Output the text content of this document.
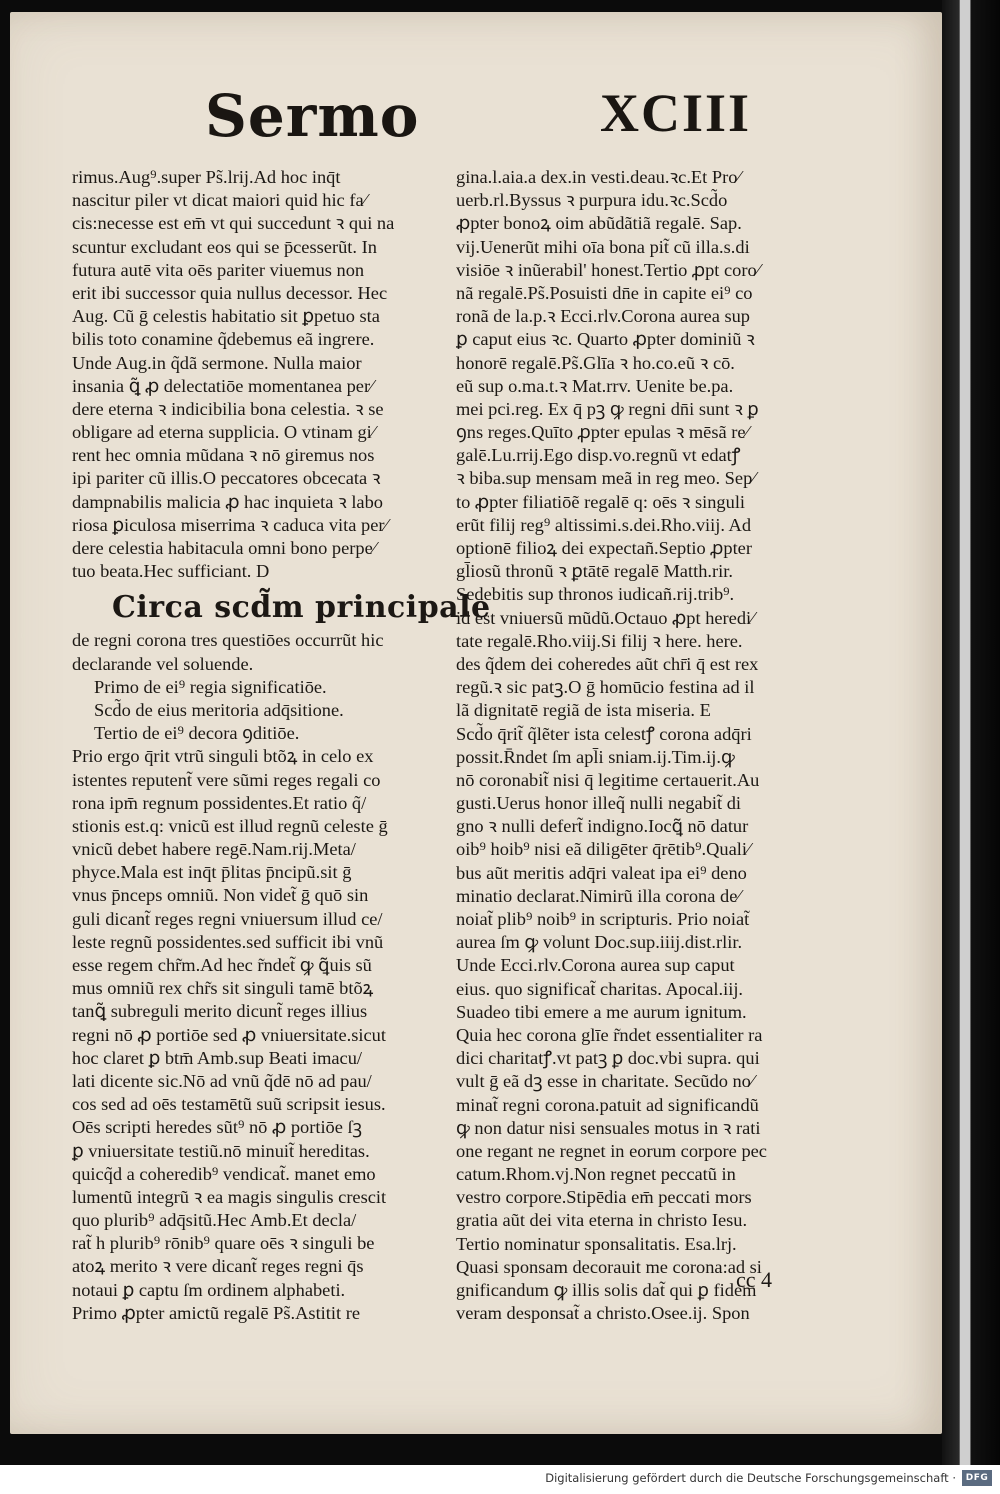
Sermo	XCIII
rimus.Aug⁹.super Ps̃.lrij.Ad hoc inq̄t
nascitur piler vt dicat maiori quid hic fa⁄
cis:necesse est em̄ vt qui succedunt ꝛ qui na
scuntur excludant eos qui se p̄cesserũt. In
futura autē vita oēs pariter viuemus non
erit ibi successor quia nullus decessor. Hec
Aug. Cũ ḡ celestis habitatio sit ꝑpetuo sta
bilis toto conamine q̃debemus eã ingrere.
Unde Aug.in q̃dã sermone. Nulla maior
insania ꝗ̃ ꝓ delectatiōe momentanea per⁄
dere eterna ꝛ indicibilia bona celestia. ꝛ se
obligare ad eterna supplicia. O vtinam gi⁄
rent hec omnia mũdana ꝛ nō giremus nos
ipi pariter cũ illis.O peccatores obcecata ꝛ
dampnabilis malicia ꝓ hac inquieta ꝛ labo
riosa ꝑiculosa miserrima ꝛ caduca vita per⁄
dere celestia habitacula omni bono perpe⁄
tuo beata.Hec sufficiant. D
Circa scd̃m principale
de regni corona tres questiōes occurrũt hic
declarande vel soluende.
Primo de ei⁹ regia significatiōe.
Scd̃o de eius meritoria adq̄sitione.
Tertio de ei⁹ decora ꝯditiōe.
Prio ergo q̄rit vtrũ singuli btõꝝ in celo ex
istentes reputent̃ vere sũmi reges regali co
rona ipm̄ regnum possidentes.Et ratio q̃/
stionis est.q: vnicũ est illud regnũ celeste ḡ
vnicũ debet habere regē.Nam.rij.Meta/
phyce.Mala est inq̄t p̄litas p̄ncipũ.sit ḡ
vnus p̄nceps omniũ. Non videt̃ ḡ quō sin
guli dicant̃ reges regni vniuersum illud ce/
leste regnũ possidentes.sed sufficit ibi vnũ
esse regem chr̃m.Ad hec r̃ndet̃ ꝙ ꝗ̃uis sũ
mus omniũ rex chr̃s sit singuli tamē btõꝝ
tanꝗ̃ subreguli merito dicunt̃ reges illius
regni nō ꝓ portiōe sed ꝓ vniuersitate.sicut
hoc claret ꝑ btm̄ Amb.sup Beati imacu/
lati dicente sic.Nō ad vnũ q̃dē nō ad pau/
cos sed ad oēs testamētũ suũ scripsit iesus.
Oēs scripti heredes sũt⁹ nō ꝓ portiōe ſꝫ
ꝑ vniuersitate testiũ.nō minuit̃ hereditas.
quicq̃d a coheredib⁹ vendicat̃. manet emo
lumentũ integrũ ꝛ ea magis singulis crescit
quo plurib⁹ adq̄sitũ.Hec Amb.Et decla/
rat̃ h plurib⁹ rōnib⁹ quare oēs ꝛ singuli be
atoꝝ merito ꝛ vere dicant̃ reges regni q̄s
notaui ꝑ captu ſm ordinem alphabeti.
Primo ꝓpter amictũ regalē Ps̃.Astitit re
gina.l.aia.a dex.in vesti.deau.ꝛc.Et Pro⁄
uerb.rl.Byssus ꝛ purpura idu.ꝛc.Scd̃o
ꝓpter bonoꝝ oim abũdãtiã regalē. Sap.
vij.Uenerũt mihi oīa bona pit̃ cũ illa.s.di
visiōe ꝛ inũerabil' honest.Tertio ꝓpt coro⁄
nã regalē.Ps̃.Posuisti dn̄e in capite ei⁹ co
ronã de la.p.ꝛ Ecci.rlv.Corona aurea sup
ꝑ caput eius ꝛc. Quarto ꝓpter dominiũ ꝛ
honorē regalē.Ps̃.Glīa ꝛ ho.co.eũ ꝛ cō.
eũ sup o.ma.t.ꝛ Mat.rrv. Uenite be.pa.
mei pci.reg. Ex q̄ pꝫ ꝙ regni dn̄i sunt ꝛ ꝑ
ꝯns reges.Quīto ꝓpter epulas ꝛ mēsã re⁄
galē.Lu.rrij.Ego disp.vo.regnũ vt edatꝭ
ꝛ biba.sup mensam meã in reg meo. Sep⁄
to ꝓpter filiatiōẽ regalē q: oēs ꝛ singuli
erũt filij reg⁹ altissimi.s.dei.Rho.viij. Ad
optionē filioꝝ dei expectañ.Septio ꝓpter
gl̄iosũ thronũ ꝛ ꝑtātē regalē Matth.rir.
Sedebitis sup thronos iudicañ.rij.trib⁹.
id est vniuersũ mũdũ.Octauo ꝓpt heredi⁄
tate regalē.Rho.viij.Si filij ꝛ here. here.
des q̃dem dei coheredes aũt chr̄i q̄ est rex
regũ.ꝛ sic patꝫ.O ḡ homūcio festina ad il
lã dignitatē regiã de ista miseria. E
Scd̃o q̄rit̃ q̃lẽter ista celestꝭ corona adq̄ri
possit.R̄ndet ſm apl̄i sniam.ij.Tim.ij.ꝙ
nō coronabit̃ nisi q̄ legitime certauerit.Au
gusti.Uerus honor illeq̃ nulli negabit̃ di
gno ꝛ nulli defert̃ indigno.Iocꝗ̃ nō datur
oib⁹ hoib⁹ nisi eã diligēter q̄rētib⁹.Quali⁄
bus aũt meritis adq̄ri valeat ipa ei⁹ deno
minatio declarat.Nimirũ illa corona de⁄
noiat̃ plib⁹ noib⁹ in scripturis. Prio noiat̃
aurea ſm ꝙ volunt Doc.sup.iiij.dist.rlir.
Unde Ecci.rlv.Corona aurea sup caput
eius. quo significat̃ charitas. Apocal.iij.
Suadeo tibi emere a me aurum ignitum.
Quia hec corona glīe r̃ndet essentialiter ra
dici charitatꝭ.vt patꝫ ꝑ doc.vbi supra. qui
vult ḡ eã dꝫ esse in charitate. Secũdo no⁄
minat̃ regni corona.patuit ad significandũ
ꝙ non datur nisi sensuales motus in ꝛ rati
one regant ne regnet in eorum corpore pec
catum.Rhom.vj.Non regnet peccatũ in
vestro corpore.Stipēdia em̄ peccati mors
gratia aũt dei vita eterna in christo Iesu.
Tertio nominatur sponsalitatis. Esa.lrj.
Quasi sponsam decorauit me corona:ad si
gnificandum ꝙ illis solis dat̃ qui ꝑ fidem
veram desponsat̃ a christo.Osee.ij. Spon
cc 4
Digitalisierung gefördert durch die Deutsche Forschungsgemeinschaft ·	DFG
